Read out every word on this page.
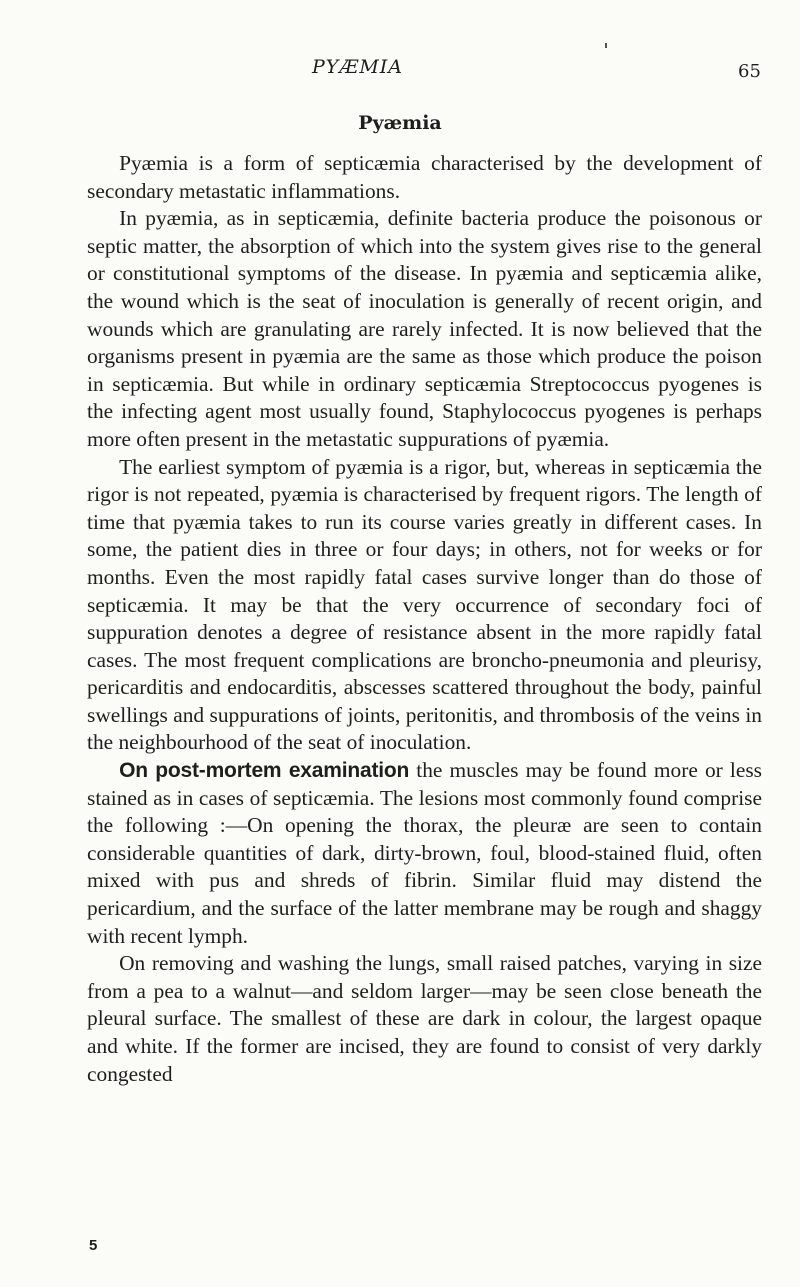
PYÆMIA	65
Pyæmia

Pyæmia is a form of septicæmia characterised by the development of secondary metastatic inflammations.

In pyæmia, as in septicæmia, definite bacteria produce the poisonous or septic matter, the absorption of which into the system gives rise to the general or constitutional symptoms of the disease. In pyæmia and septicæmia alike, the wound which is the seat of inoculation is generally of recent origin, and wounds which are granulating are rarely infected. It is now believed that the organisms present in pyæmia are the same as those which produce the poison in septicæmia. But while in ordinary septicæmia Streptococcus pyogenes is the infecting agent most usually found, Staphylococcus pyogenes is perhaps more often present in the metastatic suppurations of pyæmia.

The earliest symptom of pyæmia is a rigor, but, whereas in septicæmia the rigor is not repeated, pyæmia is characterised by frequent rigors. The length of time that pyæmia takes to run its course varies greatly in different cases. In some, the patient dies in three or four days; in others, not for weeks or for months. Even the most rapidly fatal cases survive longer than do those of septicæmia. It may be that the very occurrence of secondary foci of suppuration denotes a degree of resistance absent in the more rapidly fatal cases. The most frequent complications are broncho-pneumonia and pleurisy, pericarditis and endocarditis, abscesses scattered throughout the body, painful swellings and suppurations of joints, peritonitis, and thrombosis of the veins in the neighbourhood of the seat of inoculation.

On post-mortem examination the muscles may be found more or less stained as in cases of septicæmia. The lesions most commonly found comprise the following :—On opening the thorax, the pleuræ are seen to contain considerable quantities of dark, dirty-brown, foul, blood-stained fluid, often mixed with pus and shreds of fibrin. Similar fluid may distend the pericardium, and the surface of the latter membrane may be rough and shaggy with recent lymph.

On removing and washing the lungs, small raised patches, varying in size from a pea to a walnut—and seldom larger—may be seen close beneath the pleural surface. The smallest of these are dark in colour, the largest opaque and white. If the former are incised, they are found to consist of very darkly congested

5
